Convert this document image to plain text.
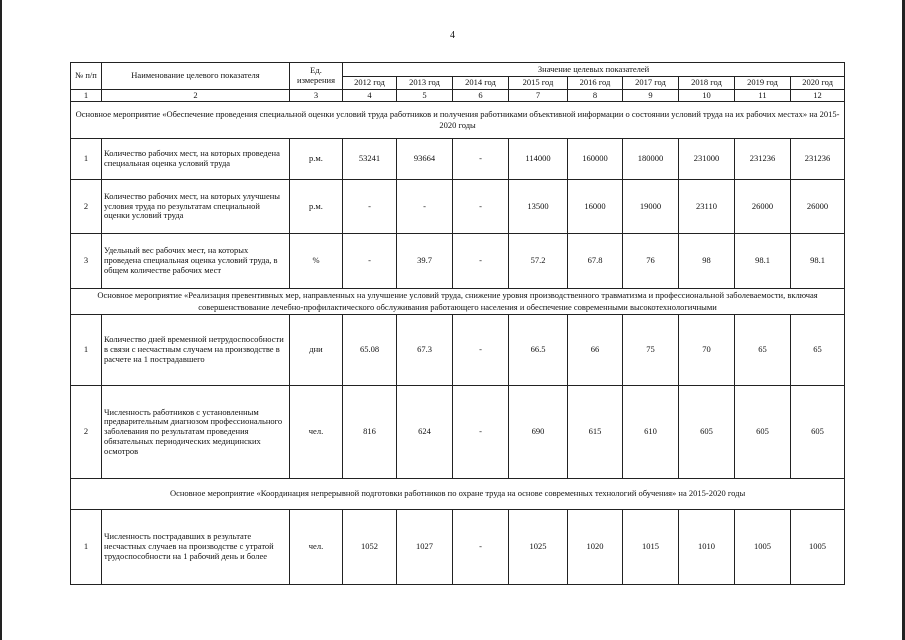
4
№ п/п	Наименование целевого показателя	Ед. измерения	Значение целевых показателей								
			2012 год	2013 год	2014 год	2015 год	2016 год	2017 год	2018 год	2019 год	2020 год
1	2	3	4	5	6	7	8	9	10	11	12
Основное мероприятие «Обеспечение проведения специальной оценки условий труда работников и получения работниками объективной информации о состоянии условий труда на их рабочих местах» на 2015-2020 годы											
1	Количество рабочих мест, на которых проведена специальная оценка условий труда	р.м.	53241	93664	-	114000	160000	180000	231000	231236	231236
2	Количество рабочих мест, на которых улучшены условия труда по результатам специальной оценки условий труда	р.м.	-	-	-	13500	16000	19000	23110	26000	26000
3	Удельный вес рабочих мест, на которых проведена специальная оценка условий труда, в общем количестве рабочих мест	%	-	39.7	-	57.2	67.8	76	98	98.1	98.1
Основное мероприятие «Реализация превентивных мер, направленных на улучшение условий труда, снижение уровня производственного травматизма и профессиональной заболеваемости, включая совершенствование лечебно-профилактического обслуживания работающего населения и обеспечение современными высокотехнологичными											
1	Количество дней временной нетрудоспособности в связи с несчастным случаем на производстве в расчете на 1 пострадавшего	дни	65.08	67.3	-	66.5	66	75	70	65	65
2	Численность работников с установленным предварительным диагнозом профессионального заболевания по результатам проведения обязательных периодических медицинских осмотров	чел.	816	624	-	690	615	610	605	605	605
Основное мероприятие «Координация непрерывной подготовки работников по охране труда на основе современных технологий обучения» на 2015-2020 годы											
1	Численность пострадавших в результате несчастных случаев на производстве с утратой трудоспособности на 1 рабочий день и более	чел.	1052	1027	-	1025	1020	1015	1010	1005	1005
